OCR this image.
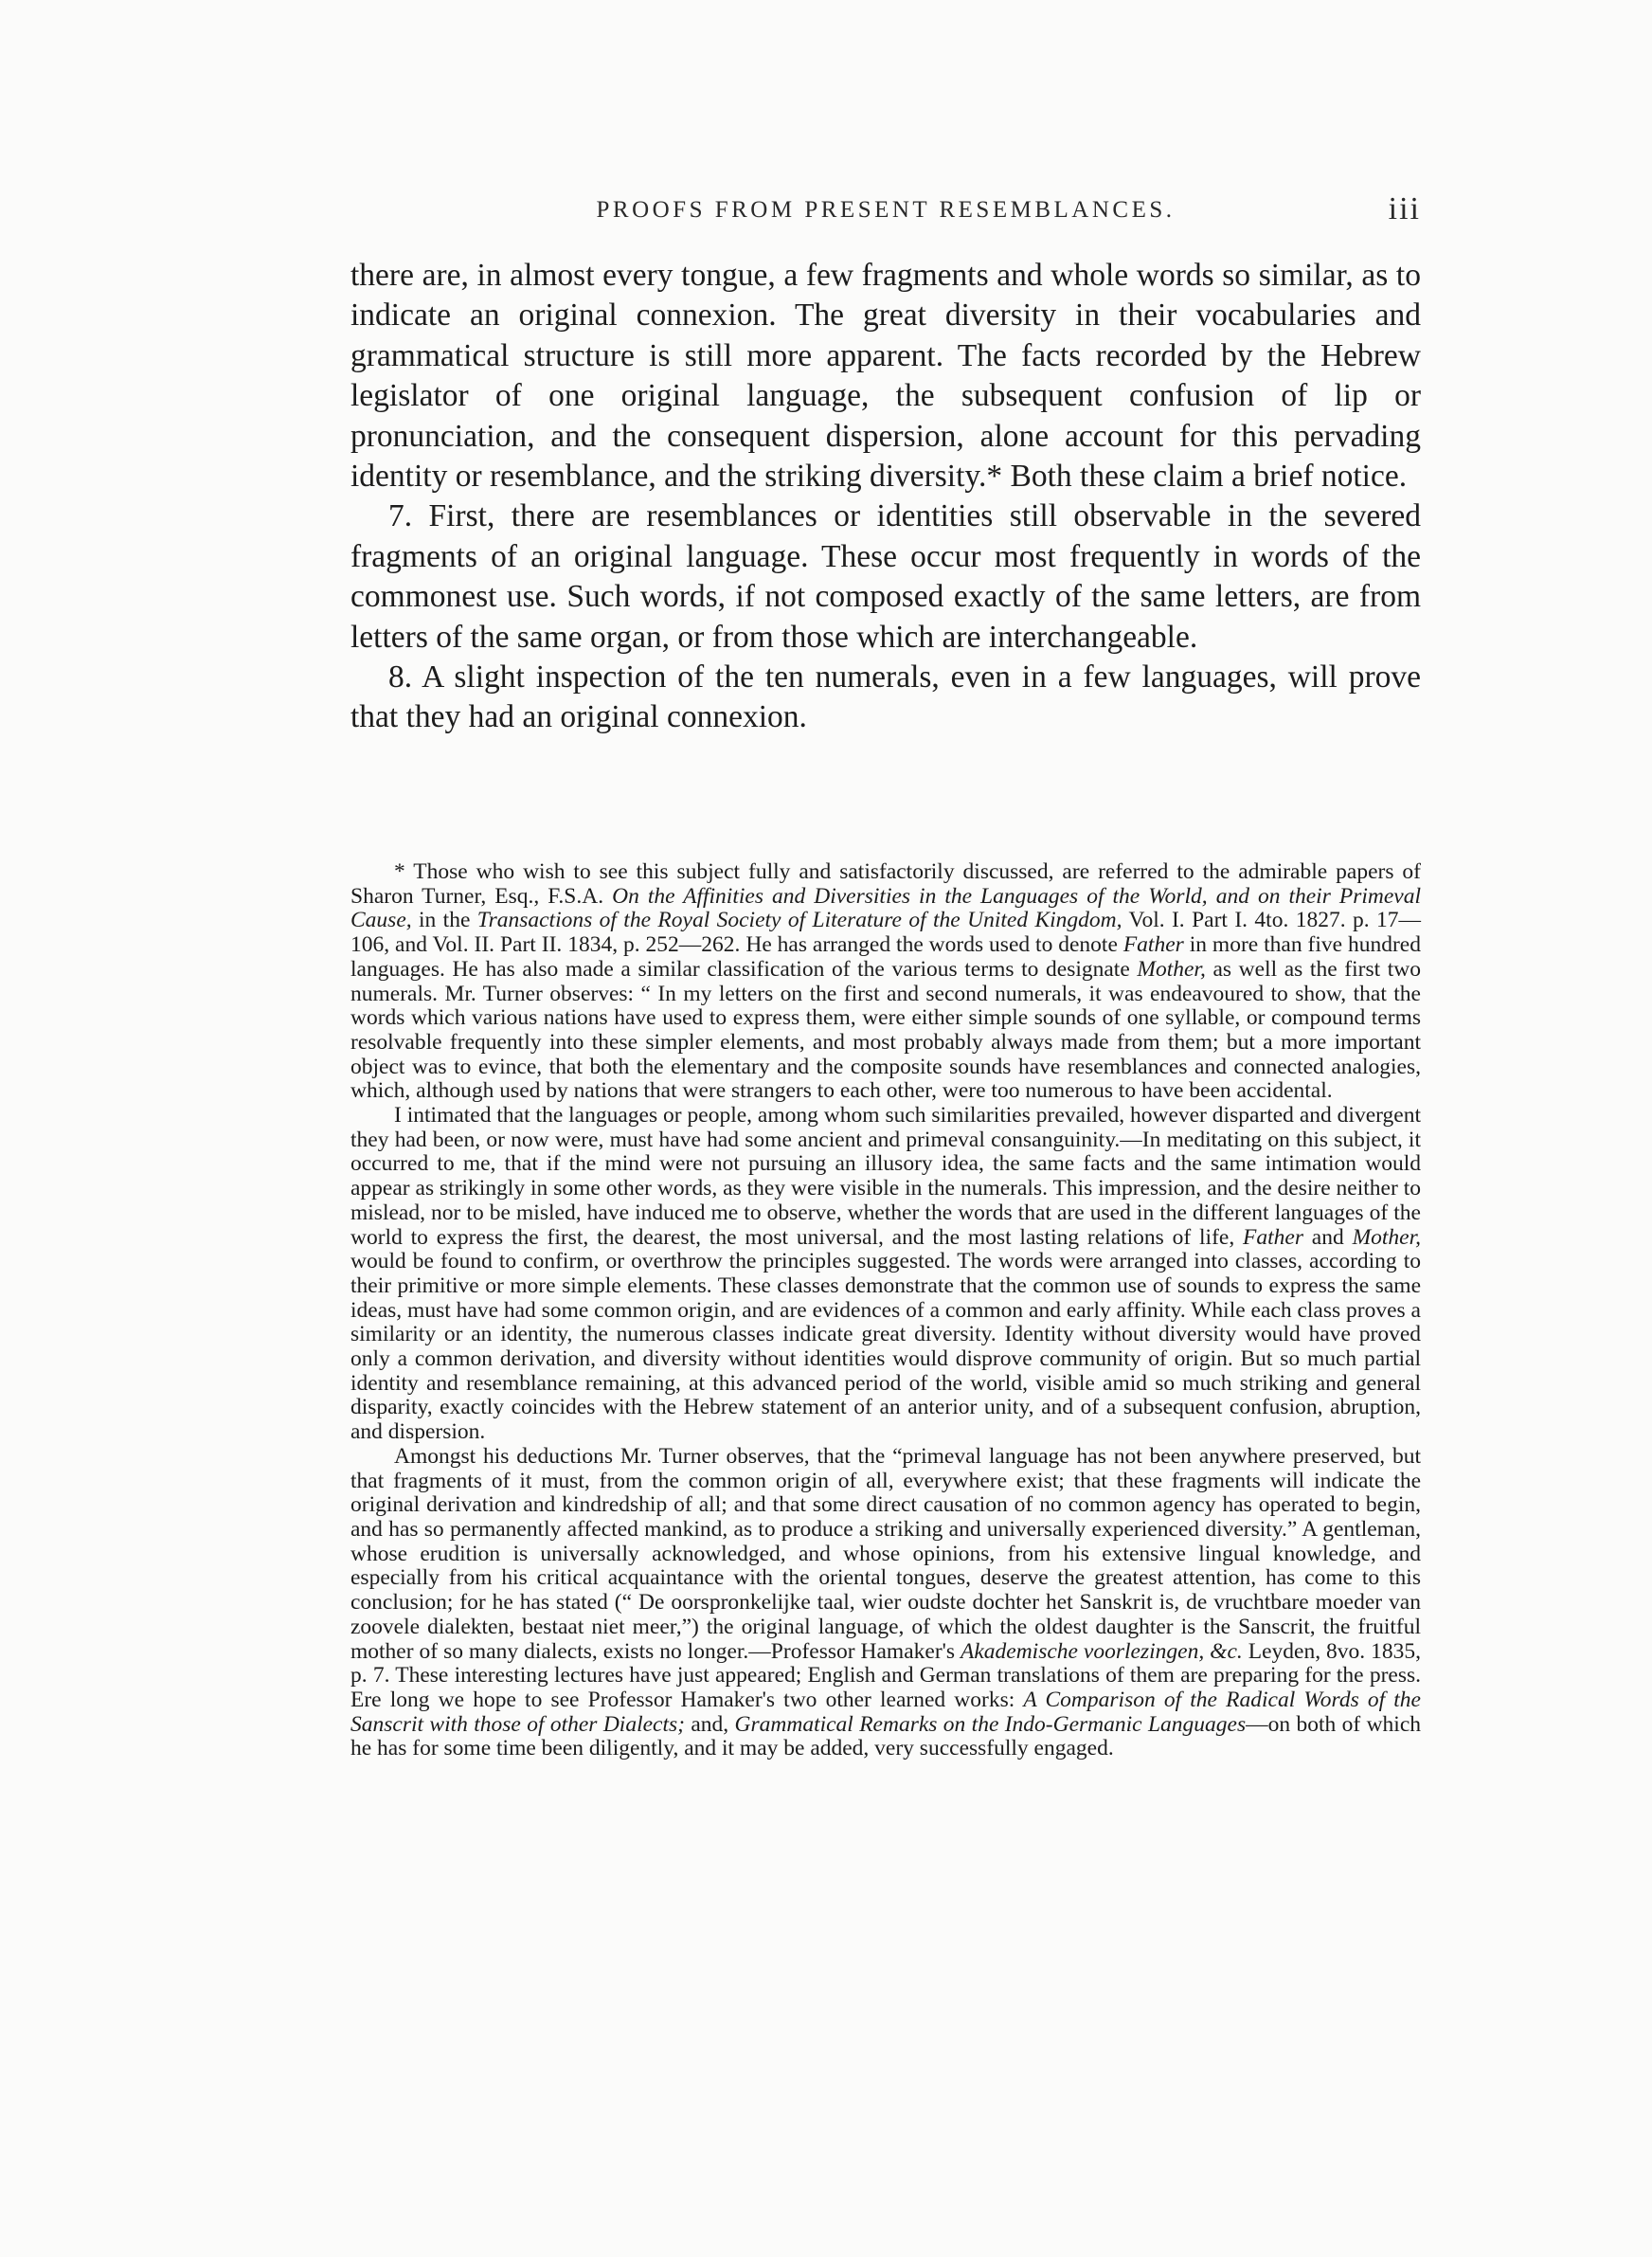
PROOFS FROM PRESENT RESEMBLANCES.	iii

there are, in almost every tongue, a few fragments and whole words so similar, as to indicate an original connexion. The great diversity in their vocabularies and grammatical structure is still more apparent. The facts recorded by the Hebrew legislator of one original language, the subsequent confusion of lip or pronunciation, and the consequent dispersion, alone account for this pervading identity or resemblance, and the striking diversity.* Both these claim a brief notice.

7. First, there are resemblances or identities still observable in the severed fragments of an original language. These occur most frequently in words of the commonest use. Such words, if not composed exactly of the same letters, are from letters of the same organ, or from those which are interchangeable.

8. A slight inspection of the ten numerals, even in a few languages, will prove that they had an original connexion.

* Those who wish to see this subject fully and satisfactorily discussed, are referred to the admirable papers of Sharon Turner, Esq., F.S.A. On the Affinities and Diversities in the Languages of the World, and on their Primeval Cause, in the Transactions of the Royal Society of Literature of the United Kingdom, Vol. I. Part I. 4to. 1827. p. 17—106, and Vol. II. Part II. 1834, p. 252—262. He has arranged the words used to denote Father in more than five hundred languages. He has also made a similar classification of the various terms to designate Mother, as well as the first two numerals. Mr. Turner observes: “ In my letters on the first and second numerals, it was endeavoured to show, that the words which various nations have used to express them, were either simple sounds of one syllable, or compound terms resolvable frequently into these simpler elements, and most probably always made from them; but a more important object was to evince, that both the elementary and the composite sounds have resemblances and connected analogies, which, although used by nations that were strangers to each other, were too numerous to have been accidental.

I intimated that the languages or people, among whom such similarities prevailed, however disparted and divergent they had been, or now were, must have had some ancient and primeval consanguinity.—In meditating on this subject, it occurred to me, that if the mind were not pursuing an illusory idea, the same facts and the same intimation would appear as strikingly in some other words, as they were visible in the numerals. This impression, and the desire neither to mislead, nor to be misled, have induced me to observe, whether the words that are used in the different languages of the world to express the first, the dearest, the most universal, and the most lasting relations of life, Father and Mother, would be found to confirm, or overthrow the principles suggested. The words were arranged into classes, according to their primitive or more simple elements. These classes demonstrate that the common use of sounds to express the same ideas, must have had some common origin, and are evidences of a common and early affinity. While each class proves a similarity or an identity, the numerous classes indicate great diversity. Identity without diversity would have proved only a common derivation, and diversity without identities would disprove community of origin. But so much partial identity and resemblance remaining, at this advanced period of the world, visible amid so much striking and general disparity, exactly coincides with the Hebrew statement of an anterior unity, and of a subsequent confusion, abruption, and dispersion.

Amongst his deductions Mr. Turner observes, that the “primeval language has not been anywhere preserved, but that fragments of it must, from the common origin of all, everywhere exist; that these fragments will indicate the original derivation and kindredship of all; and that some direct causation of no common agency has operated to begin, and has so permanently affected mankind, as to produce a striking and universally experienced diversity.” A gentleman, whose erudition is universally acknowledged, and whose opinions, from his extensive lingual knowledge, and especially from his critical acquaintance with the oriental tongues, deserve the greatest attention, has come to this conclusion; for he has stated (“ De oorspronkelijke taal, wier oudste dochter het Sanskrit is, de vruchtbare moeder van zoovele dialekten, bestaat niet meer,”) the original language, of which the oldest daughter is the Sanscrit, the fruitful mother of so many dialects, exists no longer.—Professor Hamaker's Akademische voorlezingen, &c. Leyden, 8vo. 1835, p. 7. These interesting lectures have just appeared; English and German translations of them are preparing for the press. Ere long we hope to see Professor Hamaker's two other learned works: A Comparison of the Radical Words of the Sanscrit with those of other Dialects; and, Grammatical Remarks on the Indo-Germanic Languages—on both of which he has for some time been diligently, and it may be added, very successfully engaged.
